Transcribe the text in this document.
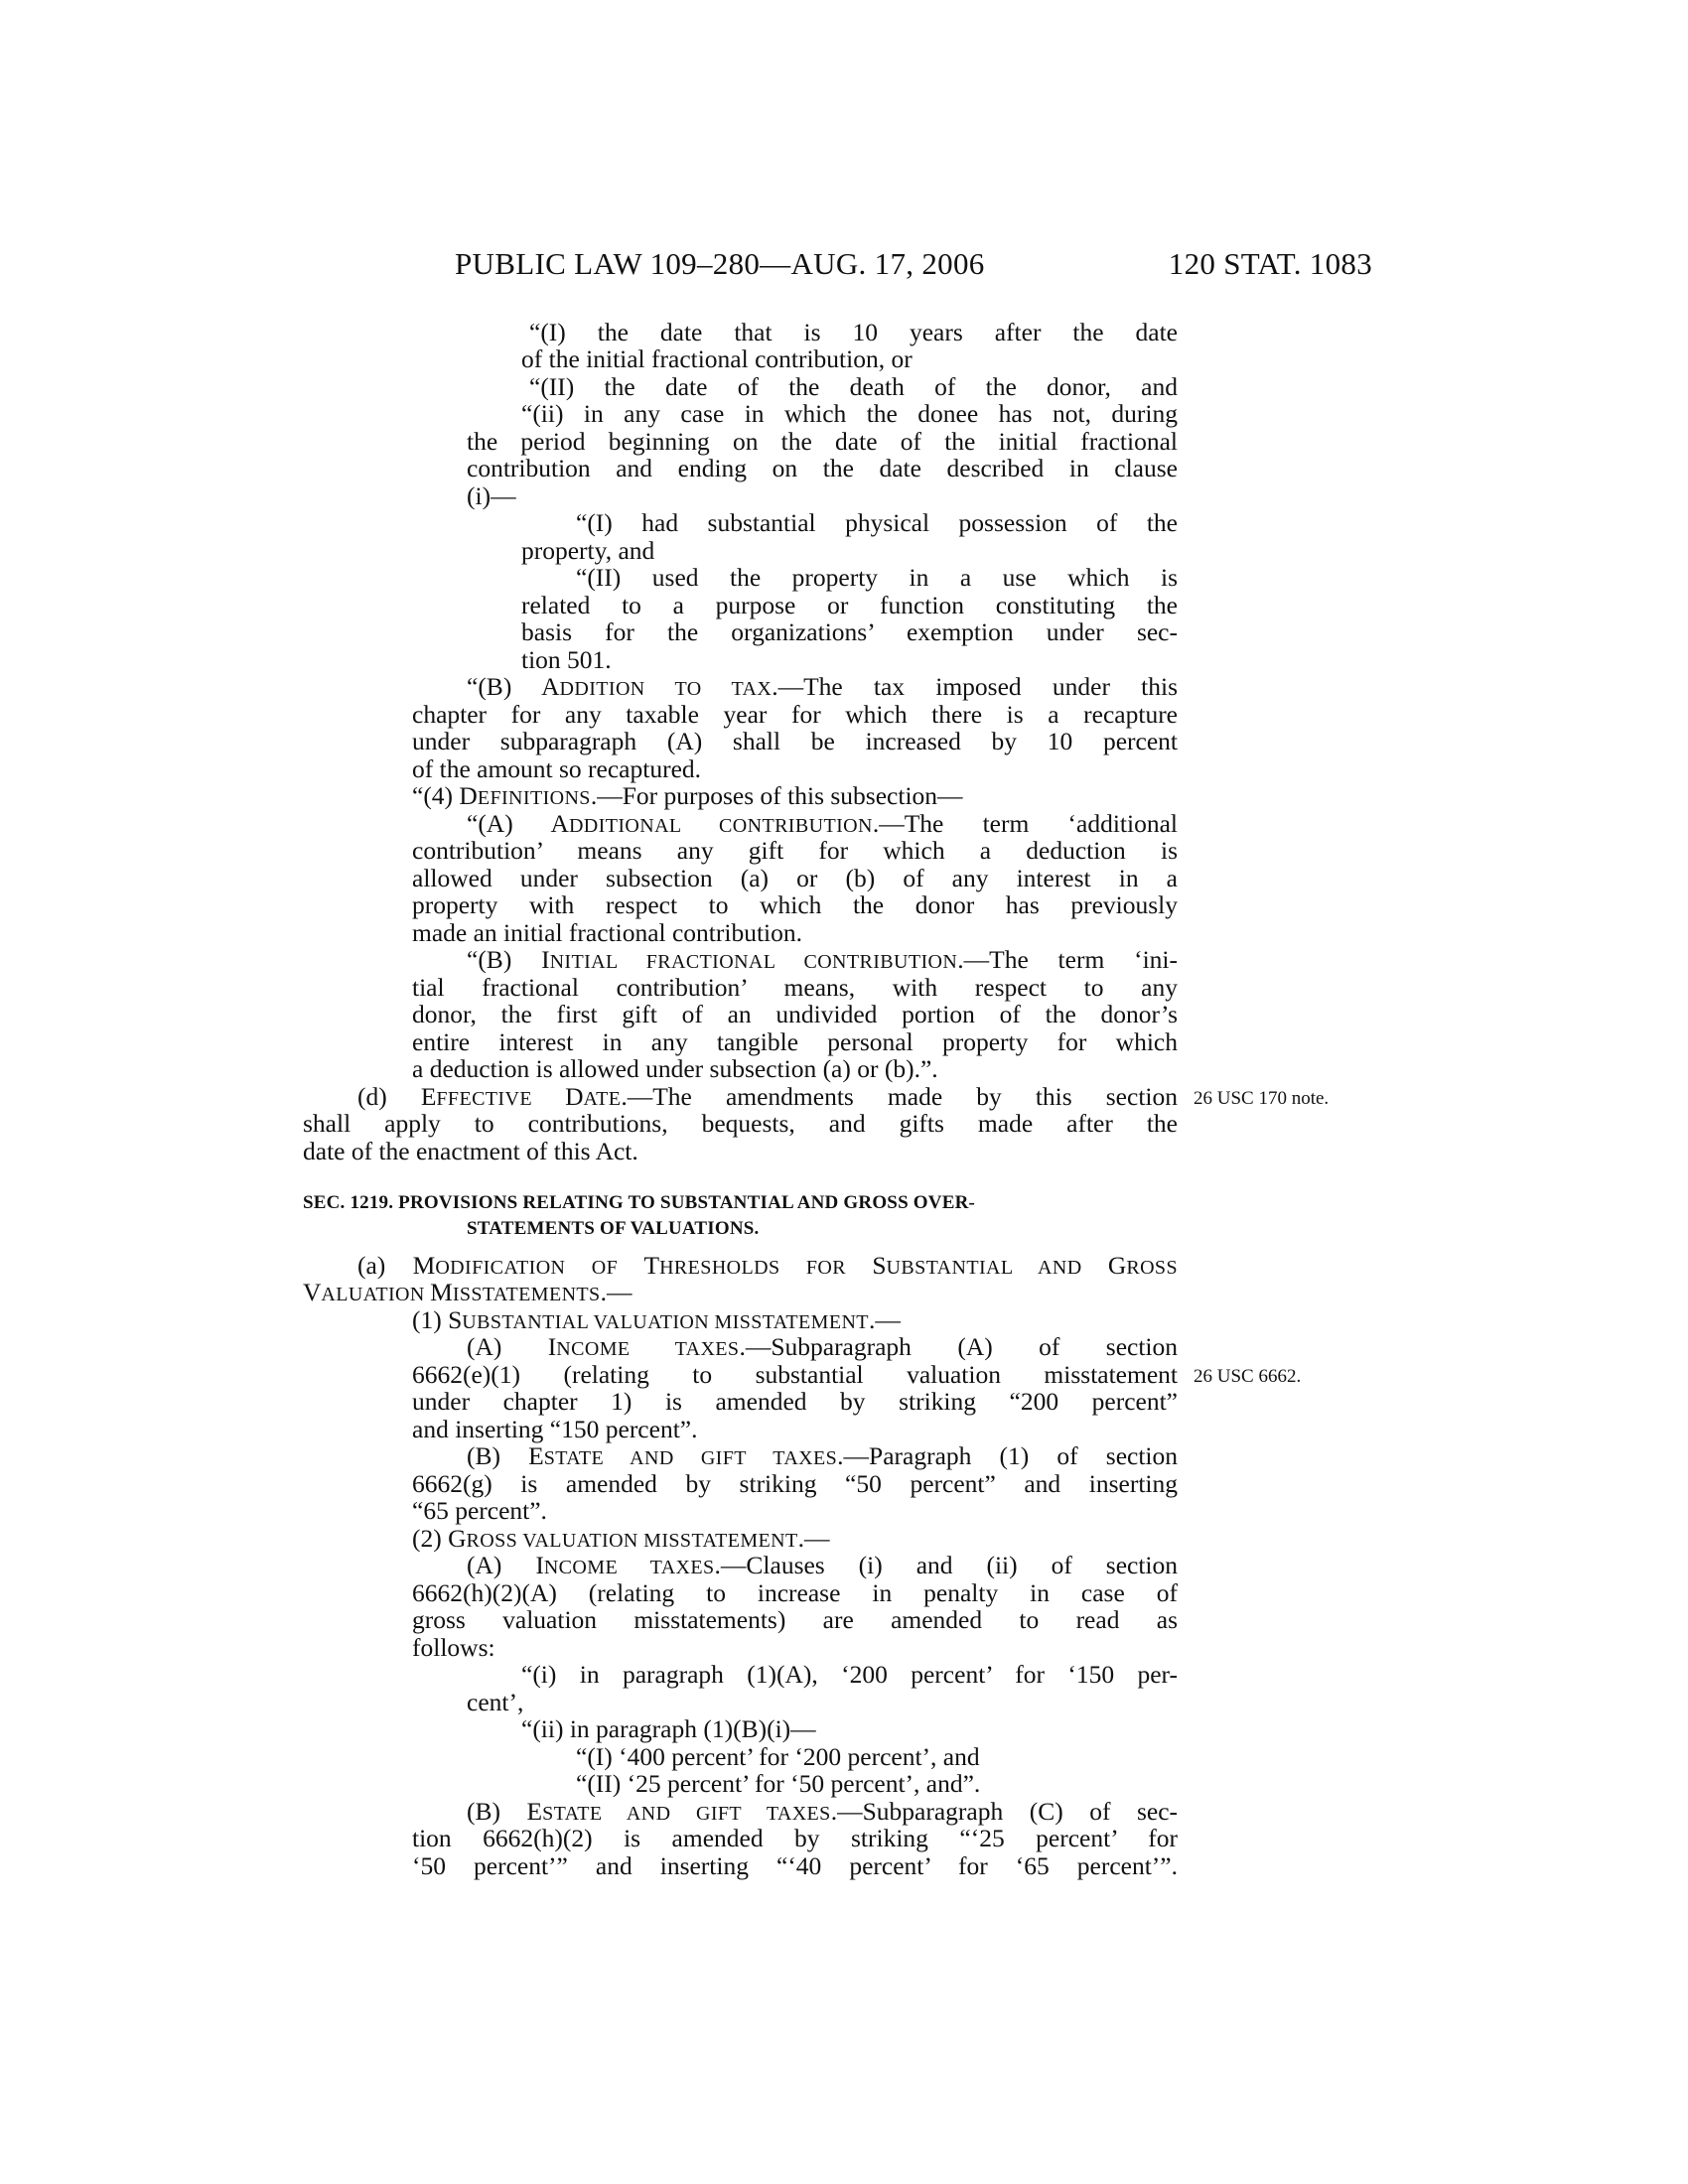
PUBLIC LAW 109–280—AUG. 17, 2006	120 STAT. 1083
“(I) the date that is 10 years after the date
of the initial fractional contribution, or
“(II) the date of the death of the donor, and
“(ii) in any case in which the donee has not, during
the period beginning on the date of the initial fractional
contribution and ending on the date described in clause
(i)—
“(I) had substantial physical possession of the
property, and
“(II) used the property in a use which is
related to a purpose or function constituting the
basis for the organizations’ exemption under sec-
tion 501.
“(B) ADDITION TO TAX.—The tax imposed under this
chapter for any taxable year for which there is a recapture
under subparagraph (A) shall be increased by 10 percent
of the amount so recaptured.
“(4) DEFINITIONS.—For purposes of this subsection—
“(A) ADDITIONAL CONTRIBUTION.—The term ‘additional
contribution’ means any gift for which a deduction is
allowed under subsection (a) or (b) of any interest in a
property with respect to which the donor has previously
made an initial fractional contribution.
“(B) INITIAL FRACTIONAL CONTRIBUTION.—The term ‘ini-
tial fractional contribution’ means, with respect to any
donor, the first gift of an undivided portion of the donor’s
entire interest in any tangible personal property for which
a deduction is allowed under subsection (a) or (b).”.
(d) EFFECTIVE DATE.—The amendments made by this section 26 USC 170 note.
shall apply to contributions, bequests, and gifts made after the
date of the enactment of this Act.
SEC. 1219. PROVISIONS RELATING TO SUBSTANTIAL AND GROSS OVER-
STATEMENTS OF VALUATIONS.
(a) MODIFICATION OF THRESHOLDS FOR SUBSTANTIAL AND GROSS
VALUATION MISSTATEMENTS.—
(1) SUBSTANTIAL VALUATION MISSTATEMENT.—
(A) INCOME TAXES.—Subparagraph (A) of section
6662(e)(1) (relating to substantial valuation misstatement 26 USC 6662.
under chapter 1) is amended by striking “200 percent”
and inserting “150 percent”.
(B) ESTATE AND GIFT TAXES.—Paragraph (1) of section
6662(g) is amended by striking “50 percent” and inserting
“65 percent”.
(2) GROSS VALUATION MISSTATEMENT.—
(A) INCOME TAXES.—Clauses (i) and (ii) of section
6662(h)(2)(A) (relating to increase in penalty in case of
gross valuation misstatements) are amended to read as
follows:
“(i) in paragraph (1)(A), ‘200 percent’ for ‘150 per-
cent’,
“(ii) in paragraph (1)(B)(i)—
“(I) ‘400 percent’ for ‘200 percent’, and
“(II) ‘25 percent’ for ‘50 percent’, and”.
(B) ESTATE AND GIFT TAXES.—Subparagraph (C) of sec-
tion 6662(h)(2) is amended by striking “‘25 percent’ for
‘50 percent’” and inserting “‘40 percent’ for ‘65 percent’”.
